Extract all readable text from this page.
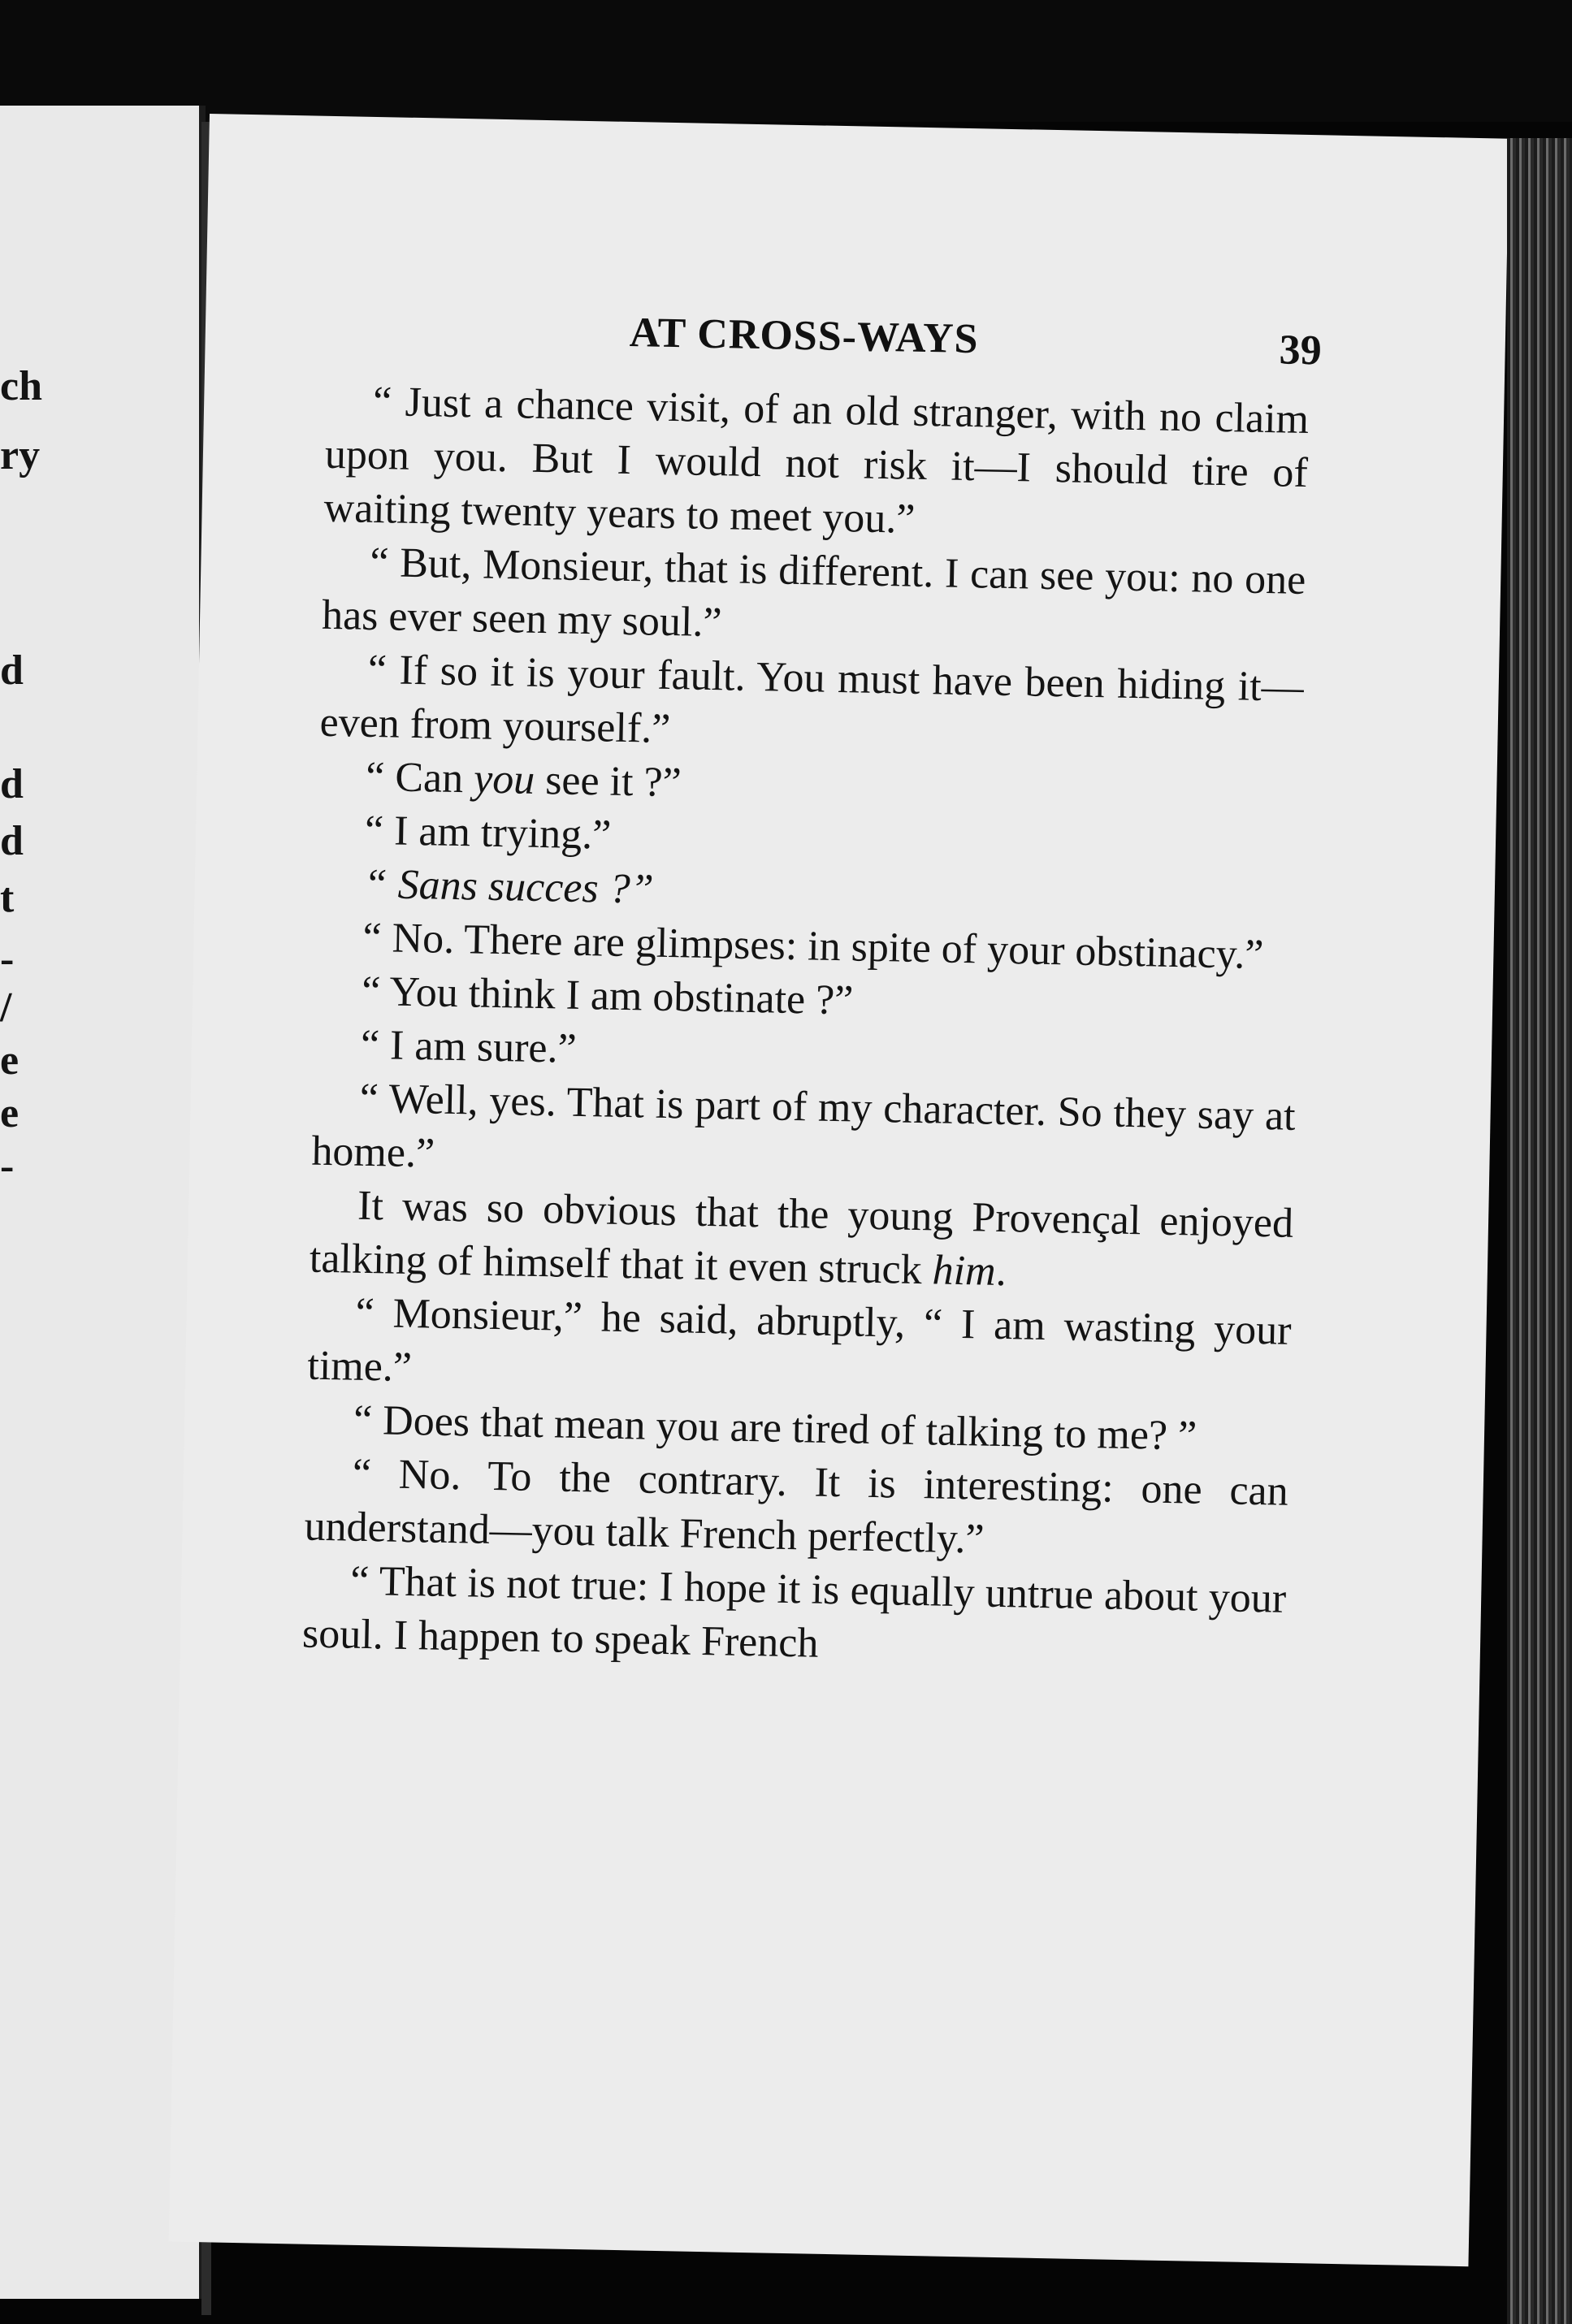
ch
ry
d
d
d
t
-
/
e
e
-
AT CROSS-WAYS	39

“ Just a chance visit, of an old stranger, with no claim upon you. But I would not risk it—I should tire of waiting twenty years to meet you.”

“ But, Monsieur, that is different. I can see you: no one has ever seen my soul.”

“ If so it is your fault. You must have been hiding it—even from yourself.”

“ Can you see it ?”

“ I am trying.”

“ Sans succes ?”

“ No. There are glimpses: in spite of your obstinacy.”

“ You think I am obstinate ?”

“ I am sure.”

“ Well, yes. That is part of my character. So they say at home.”

It was so obvious that the young Provençal enjoyed talking of himself that it even struck him.

“ Monsieur,” he said, abruptly, “ I am wasting your time.”

“ Does that mean you are tired of talking to me? ”

“ No. To the contrary. It is interesting: one can understand—you talk French perfectly.”

“ That is not true: I hope it is equally untrue about your soul. I happen to speak French
